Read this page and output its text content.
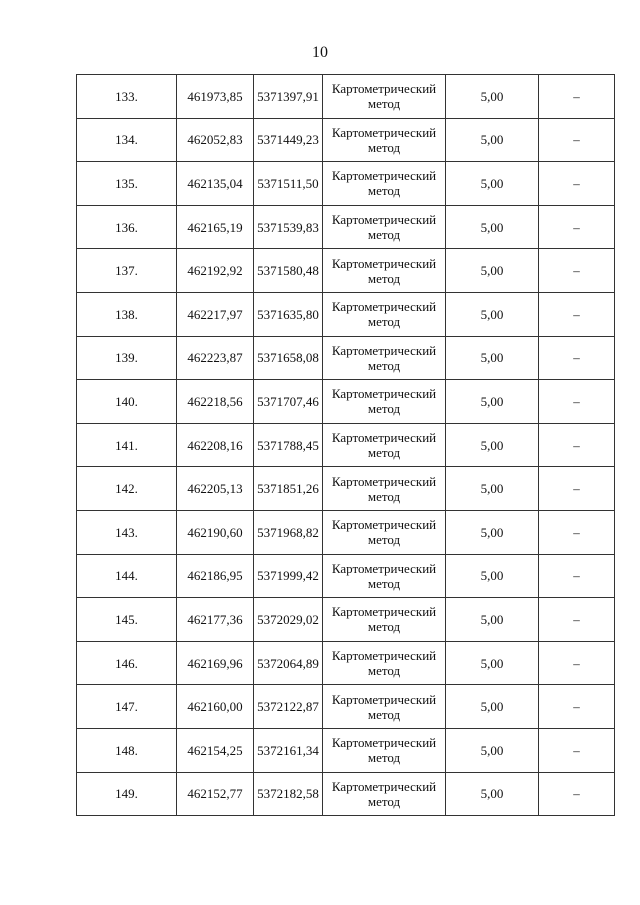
10
133.	461973,85	5371397,91	Картометрический метод	5,00	–
134.	462052,83	5371449,23	Картометрический метод	5,00	–
135.	462135,04	5371511,50	Картометрический метод	5,00	–
136.	462165,19	5371539,83	Картометрический метод	5,00	–
137.	462192,92	5371580,48	Картометрический метод	5,00	–
138.	462217,97	5371635,80	Картометрический метод	5,00	–
139.	462223,87	5371658,08	Картометрический метод	5,00	–
140.	462218,56	5371707,46	Картометрический метод	5,00	–
141.	462208,16	5371788,45	Картометрический метод	5,00	–
142.	462205,13	5371851,26	Картометрический метод	5,00	–
143.	462190,60	5371968,82	Картометрический метод	5,00	–
144.	462186,95	5371999,42	Картометрический метод	5,00	–
145.	462177,36	5372029,02	Картометрический метод	5,00	–
146.	462169,96	5372064,89	Картометрический метод	5,00	–
147.	462160,00	5372122,87	Картометрический метод	5,00	–
148.	462154,25	5372161,34	Картометрический метод	5,00	–
149.	462152,77	5372182,58	Картометрический метод	5,00	–
